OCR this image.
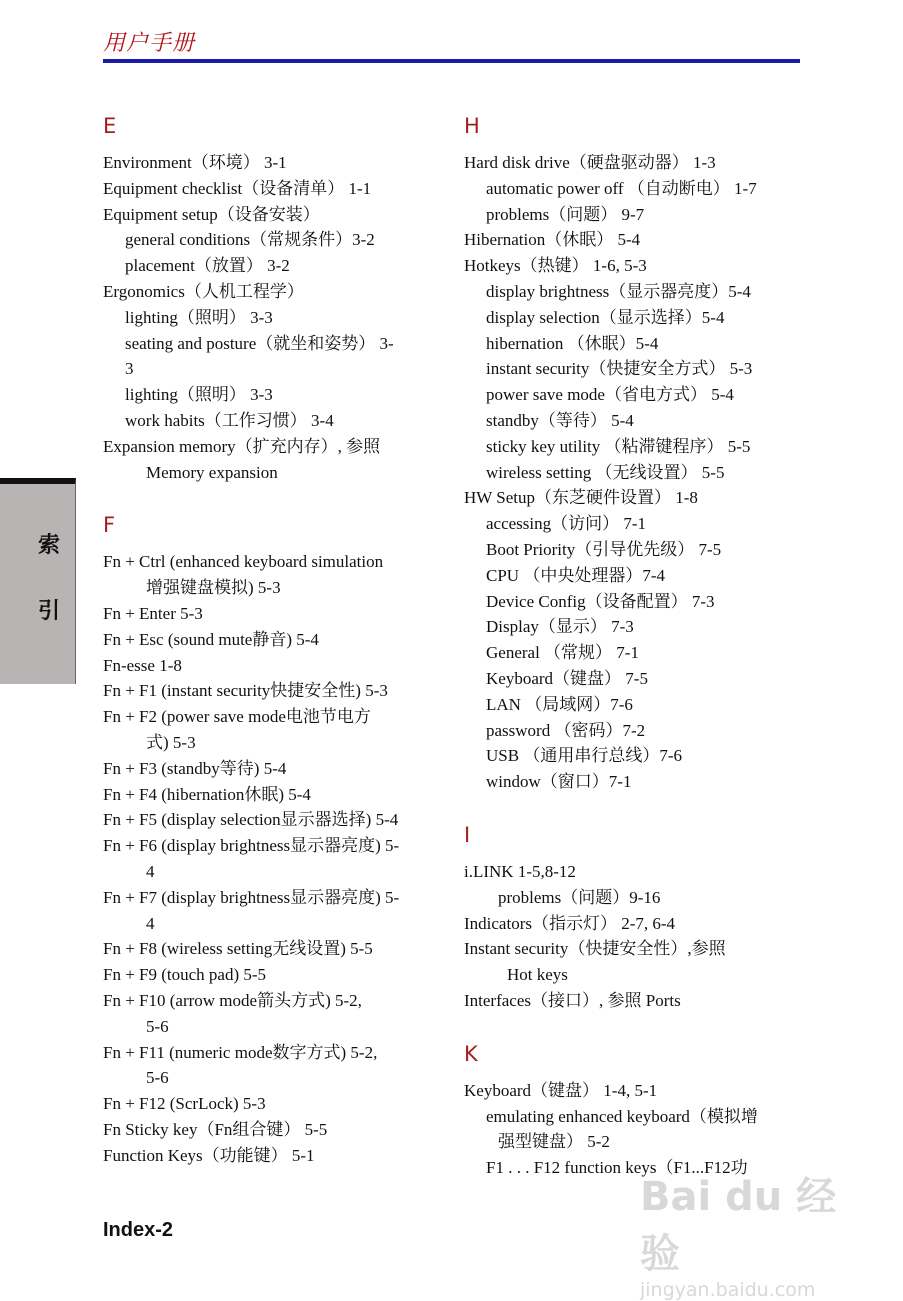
用户手册
索
引
E
Environment（环境） 3-1
Equipment checklist（设备清单） 1-1
Equipment setup（设备安装）
general conditions（常规条件）3-2
placement（放置） 3-2
Ergonomics（人机工程学）
lighting（照明） 3-3
seating and posture（就坐和姿势） 3-
3
lighting（照明） 3-3
work habits（工作习惯） 3-4
Expansion memory（扩充内存）, 参照
Memory expansion
F
Fn + Ctrl (enhanced keyboard simulation
增强键盘模拟) 5-3
Fn + Enter 5-3
Fn + Esc (sound mute静音) 5-4
Fn-esse 1-8
Fn + F1 (instant security快捷安全性) 5-3
Fn + F2 (power save mode电池节电方
式) 5-3
Fn + F3 (standby等待) 5-4
Fn + F4 (hibernation休眠) 5-4
Fn + F5 (display selection显示器选择) 5-4
Fn + F6 (display brightness显示器亮度) 5-
4
Fn + F7 (display brightness显示器亮度) 5-
4
Fn + F8 (wireless setting无线设置) 5-5
Fn + F9 (touch pad) 5-5
Fn + F10 (arrow mode箭头方式) 5-2,
5-6
Fn + F11 (numeric mode数字方式) 5-2,
5-6
Fn + F12 (ScrLock) 5-3
Fn Sticky key（Fn组合键） 5-5
Function Keys（功能键） 5-1
H
Hard disk drive（硬盘驱动器） 1-3
automatic power off （自动断电） 1-7
problems（问题） 9-7
Hibernation（休眠） 5-4
Hotkeys（热键） 1-6, 5-3
display brightness（显示器亮度）5-4
display selection（显示选择）5-4
hibernation （休眠）5-4
instant security（快捷安全方式） 5-3
power save mode（省电方式） 5-4
standby（等待） 5-4
sticky key utility （粘滞键程序） 5-5
wireless setting （无线设置） 5-5
HW Setup（东芝硬件设置） 1-8
accessing（访问） 7-1
Boot Priority（引导优先级） 7-5
CPU （中央处理器）7-4
Device Config（设备配置） 7-3
Display（显示） 7-3
General （常规） 7-1
Keyboard（键盘） 7-5
LAN （局域网）7-6
password （密码）7-2
USB （通用串行总线）7-6
window（窗口）7-1
I
i.LINK 1-5,8-12
problems（问题）9-16
Indicators（指示灯） 2-7, 6-4
Instant security（快捷安全性）,参照
Hot keys
Interfaces（接口）, 参照 Ports
K
Keyboard（键盘） 1-4, 5-1
emulating enhanced keyboard（模拟增
强型键盘） 5-2
F1 . . . F12 function keys（F1...F12功
Index-2
Bai du 经验
jingyan.baidu.com
